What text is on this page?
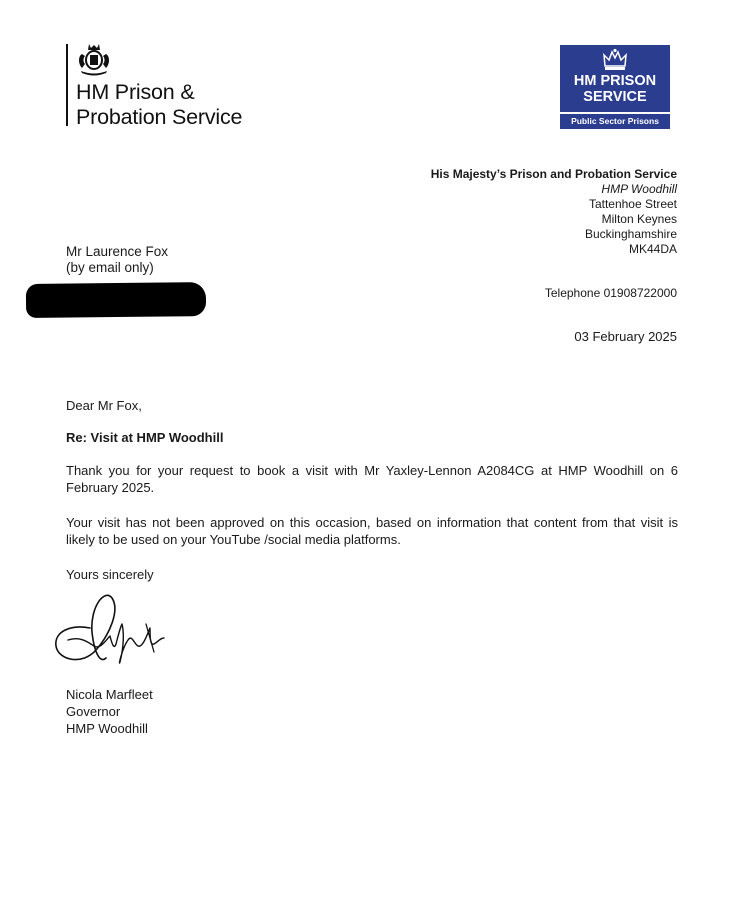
HM Prison &
Probation Service
HM PRISON
SERVICE
Public Sector Prisons
His Majesty’s Prison and Probation Service
HMP Woodhill
Tattenhoe Street
Milton Keynes
Buckinghamshire
MK44DA
Mr Laurence Fox
(by email only)
Telephone 01908722000
03 February 2025
Dear Mr Fox,
Re: Visit at HMP Woodhill
Thank you for your request to book a visit with Mr Yaxley-Lennon A2084CG at HMP Woodhill on 6 February 2025.
Your visit has not been approved on this occasion, based on information that content from that visit is likely to be used on your YouTube /social media platforms.
Yours sincerely
Nicola Marfleet
Governor
HMP Woodhill
